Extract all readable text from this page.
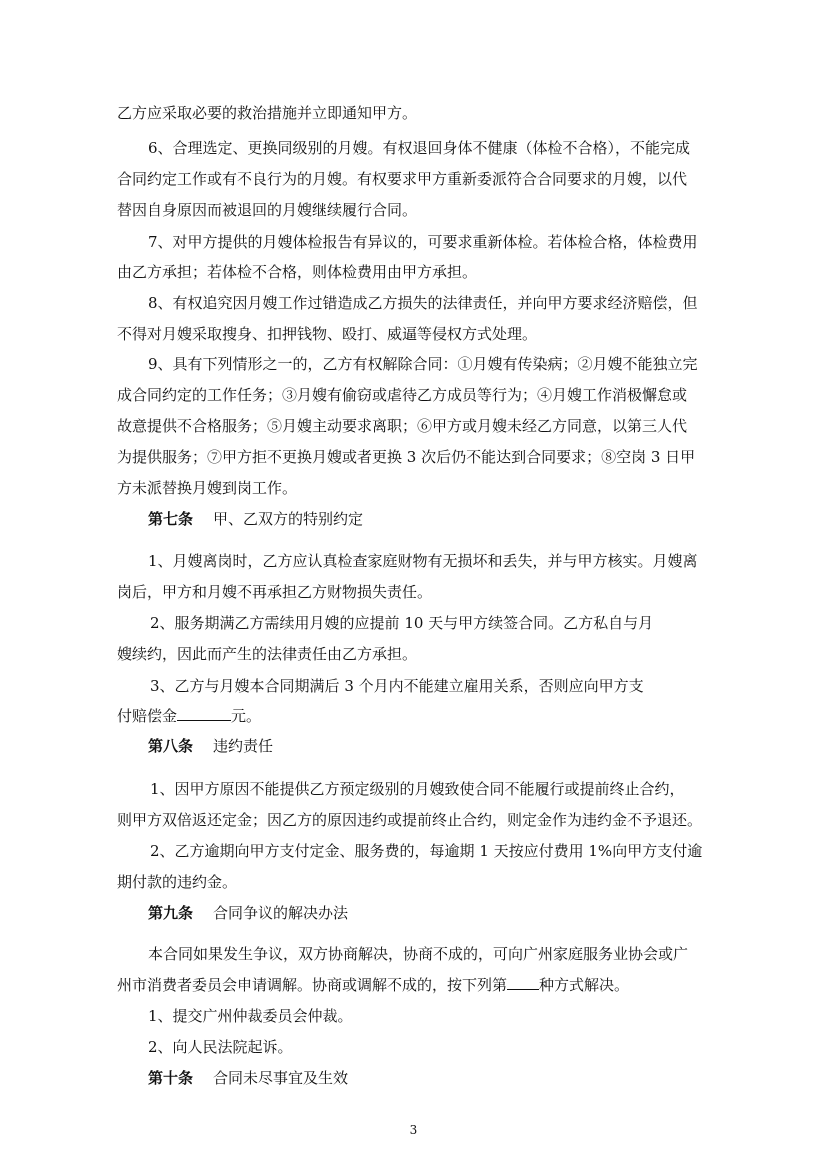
乙方应采取必要的救治措施并立即通知甲方。
6、合理选定、更换同级别的月嫂。有权退回身体不健康（体检不合格），不能完成
合同约定工作或有不良行为的月嫂。有权要求甲方重新委派符合合同要求的月嫂，以代
替因自身原因而被退回的月嫂继续履行合同。
7、对甲方提供的月嫂体检报告有异议的，可要求重新体检。若体检合格，体检费用
由乙方承担；若体检不合格，则体检费用由甲方承担。
8、有权追究因月嫂工作过错造成乙方损失的法律责任，并向甲方要求经济赔偿，但
不得对月嫂采取搜身、扣押钱物、殴打、威逼等侵权方式处理。
9、具有下列情形之一的，乙方有权解除合同：①月嫂有传染病；②月嫂不能独立完
成合同约定的工作任务；③月嫂有偷窃或虐待乙方成员等行为；④月嫂工作消极懈怠或
故意提供不合格服务；⑤月嫂主动要求离职；⑥甲方或月嫂未经乙方同意，以第三人代
为提供服务；⑦甲方拒不更换月嫂或者更换 3 次后仍不能达到合同要求；⑧空岗 3 日甲
方未派替换月嫂到岗工作。
第七条 甲、乙双方的特别约定
1、月嫂离岗时，乙方应认真检查家庭财物有无损坏和丢失，并与甲方核实。月嫂离
岗后，甲方和月嫂不再承担乙方财物损失责任。
2、服务期满乙方需续用月嫂的应提前 10 天与甲方续签合同。乙方私自与月
嫂续约，因此而产生的法律责任由乙方承担。
3、乙方与月嫂本合同期满后 3 个月内不能建立雇用关系，否则应向甲方支
付赔偿金	元。
第八条 违约责任
1、因甲方原因不能提供乙方预定级别的月嫂致使合同不能履行或提前终止合约，
则甲方双倍返还定金；因乙方的原因违约或提前终止合约，则定金作为违约金不予退还。
2、乙方逾期向甲方支付定金、服务费的，每逾期 1 天按应付费用 1%向甲方支付逾
期付款的违约金。
第九条 合同争议的解决办法
本合同如果发生争议，双方协商解决，协商不成的，可向广州家庭服务业协会或广
州市消费者委员会申请调解。协商或调解不成的，按下列第 种方式解决。
1、提交广州仲裁委员会仲裁。
2、向人民法院起诉。
第十条 合同未尽事宜及生效
3
